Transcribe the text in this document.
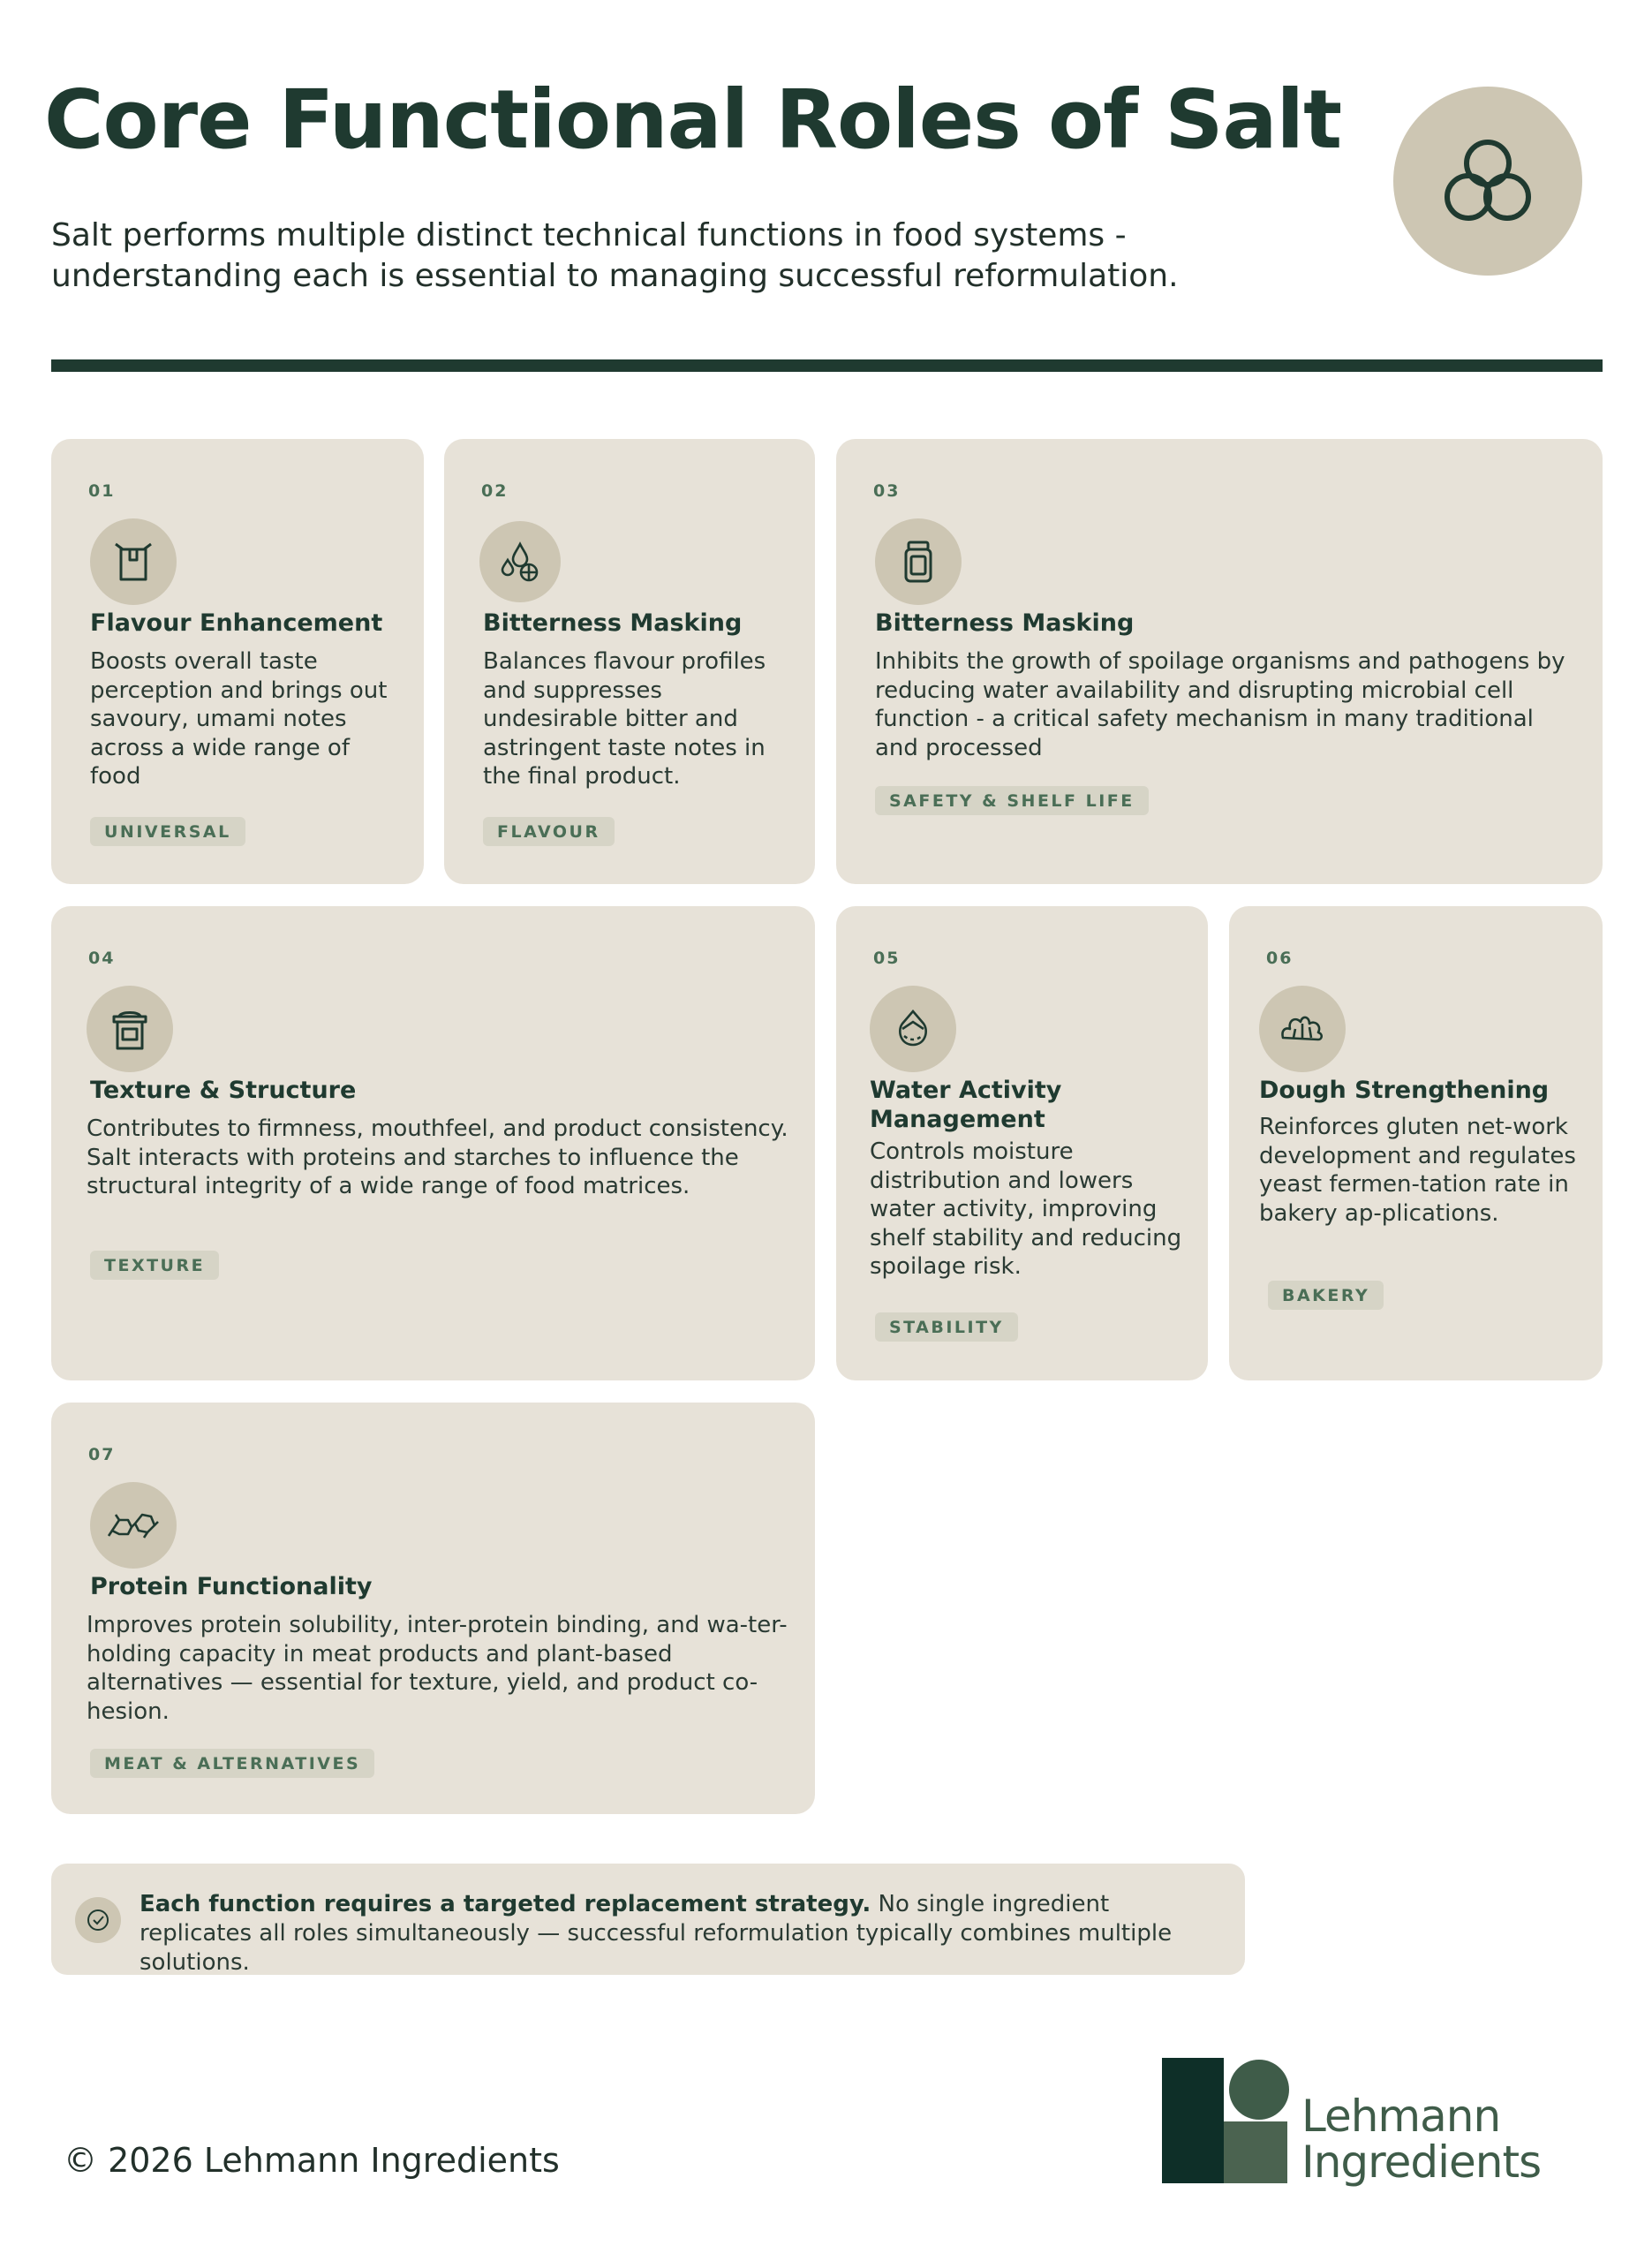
Core Functional Roles of Salt

Salt performs multiple distinct technical functions in food systems - understanding each is essential to managing successful reformulation.

01
Flavour Enhancement
Boosts overall taste perception and brings out savoury, umami notes across a wide range of food
UNIVERSAL
02
Bitterness Masking
Balances flavour profiles and suppresses undesirable bitter and astringent taste notes in the final product.
FLAVOUR
03
Bitterness Masking
Inhibits the growth of spoilage organisms and pathogens by reducing water availability and disrupting microbial cell function - a critical safety mechanism in many traditional and processed
SAFETY & SHELF LIFE
04
Texture & Structure
Contributes to firmness, mouthfeel, and product consistency. Salt interacts with proteins and starches to influence the structural integrity of a wide range of food matrices.
TEXTURE
05
Water Activity Management
Controls moisture distribution and lowers water activity, improving shelf stability and reducing spoilage risk.
STABILITY
06
Dough Strengthening
Reinforces gluten net-work development and regulates yeast fermen-tation rate in bakery ap-plications.
BAKERY
07
Protein Functionality
Improves protein solubility, inter-protein binding, and wa-ter-holding capacity in meat products and plant-based alternatives — essential for texture, yield, and product co-hesion.
MEAT & ALTERNATIVES
Each function requires a targeted replacement strategy. No single ingredient replicates all roles simultaneously — successful reformulation typically combines multiple solutions.
© 2026 Lehmann Ingredients
Lehmann
Ingredients
